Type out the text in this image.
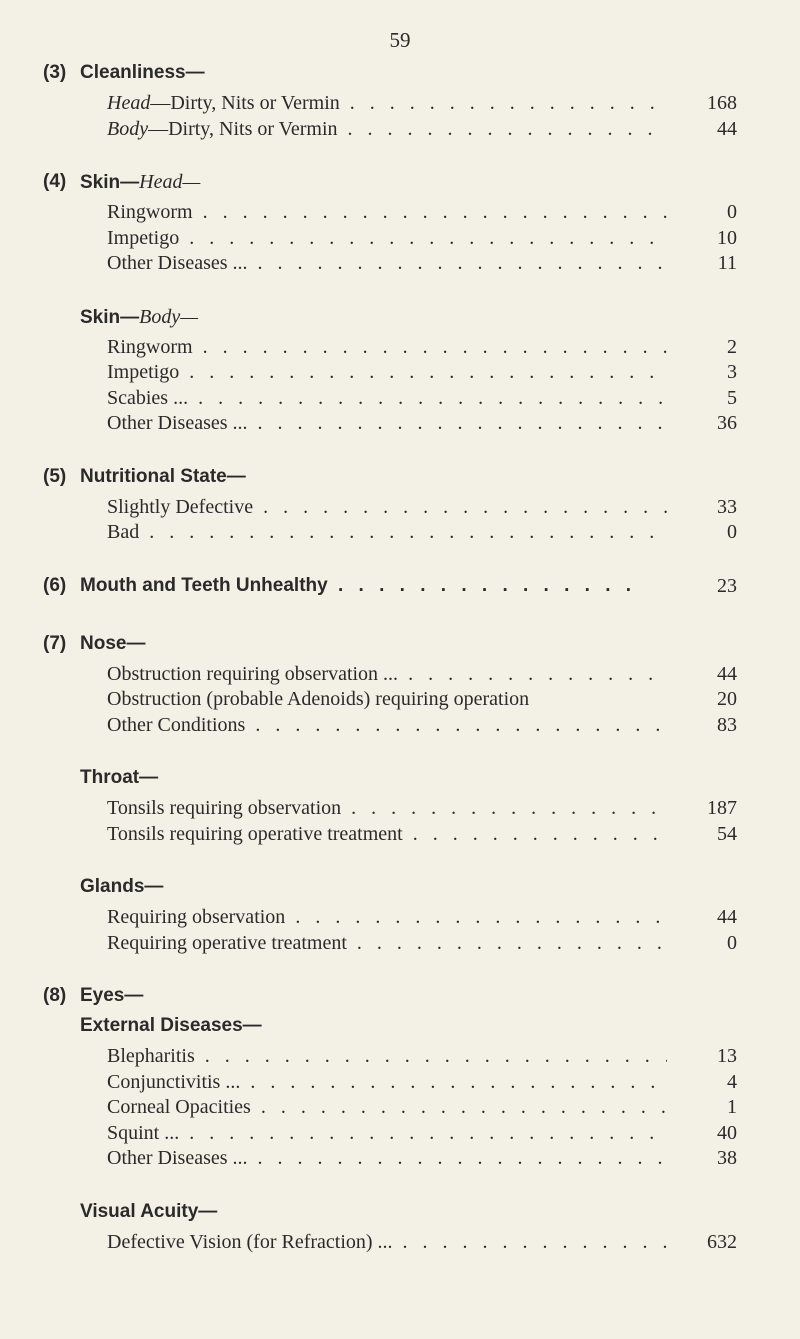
59
(3) Cleanliness—
Head—Dirty, Nits or Vermin . . .	168
Body—Dirty, Nits or Vermin . . .	44
(4) Skin—Head—
Ringworm . . .	0
Impetigo . . .	10
Other Diseases ... . . .	11
Skin—Body—
Ringworm . . .	2
Impetigo . . .	3
Scabies ... . . .	5
Other Diseases ... . . .	36
(5) Nutritional State—
Slightly Defective . . .	33
Bad . . .	0
(6) Mouth and Teeth Unhealthy . . .	23
(7) Nose—
Obstruction requiring observation ... . . .	44
Obstruction (probable Adenoids) requiring operation	20
Other Conditions . . .	83
Throat—
Tonsils requiring observation . . .	187
Tonsils requiring operative treatment . . .	54
Glands—
Requiring observation . . .	44
Requiring operative treatment . . .	0
(8) Eyes—
External Diseases—
Blepharitis . . .	13
Conjunctivitis ... . . .	4
Corneal Opacities . . .	1
Squint ... . . .	40
Other Diseases ... . . .	38
Visual Acuity—
Defective Vision (for Refraction) ... . . .	632
